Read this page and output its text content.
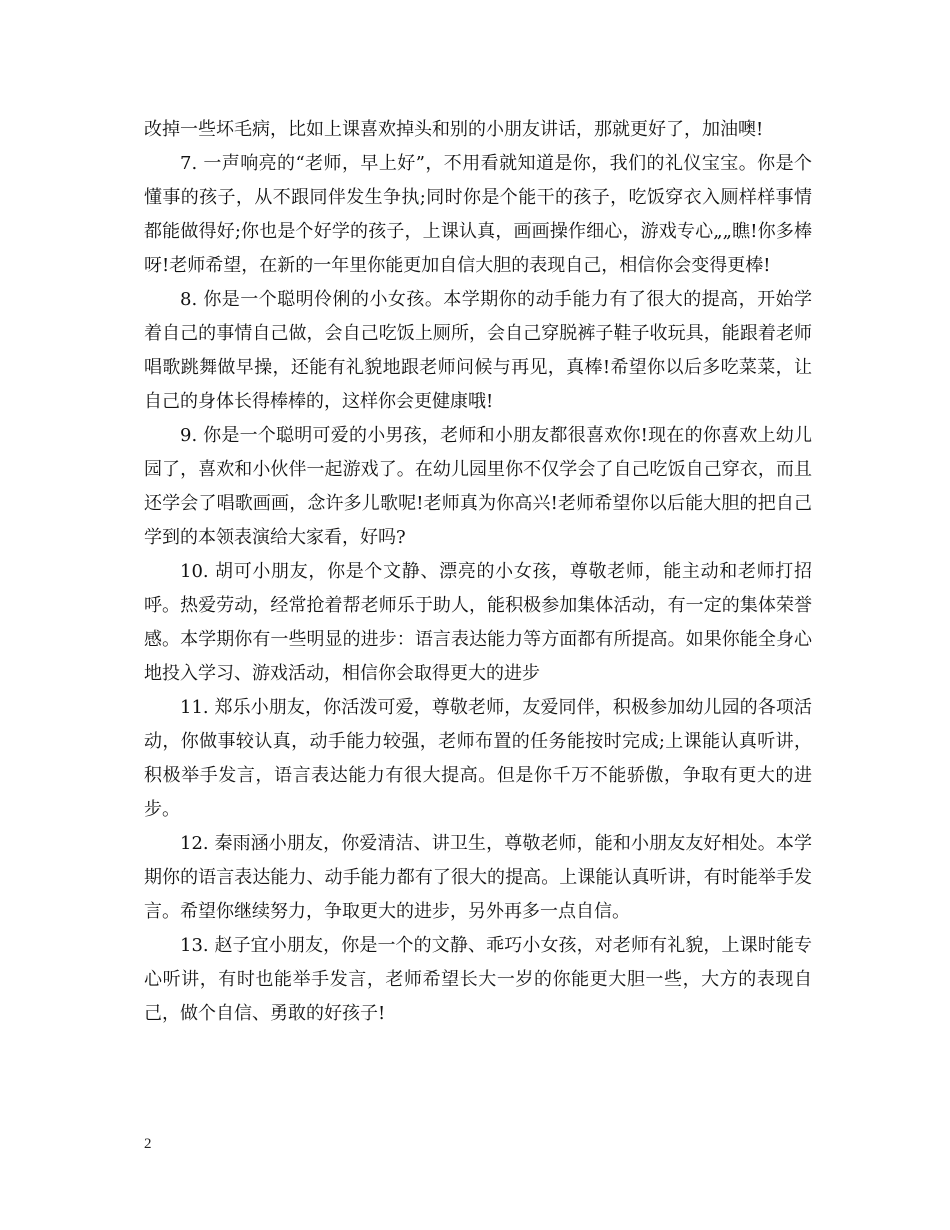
改掉一些坏毛病，比如上课喜欢掉头和别的小朋友讲话，那就更好了，加油噢!

7. 一声响亮的“老师，早上好”，不用看就知道是你，我们的礼仪宝宝。你是个懂事的孩子，从不跟同伴发生争执;同时你是个能干的孩子，吃饭穿衣入厕样样事情都能做得好;你也是个好学的孩子，上课认真，画画操作细心，游戏专心„„瞧!你多棒呀!老师希望，在新的一年里你能更加自信大胆的表现自己，相信你会变得更棒!

8. 你是一个聪明伶俐的小女孩。本学期你的动手能力有了很大的提高，开始学着自己的事情自己做，会自己吃饭上厕所，会自己穿脱裤子鞋子收玩具，能跟着老师唱歌跳舞做早操，还能有礼貌地跟老师问候与再见，真棒!希望你以后多吃菜菜，让自己的身体长得棒棒的，这样你会更健康哦!

9. 你是一个聪明可爱的小男孩，老师和小朋友都很喜欢你!现在的你喜欢上幼儿园了，喜欢和小伙伴一起游戏了。在幼儿园里你不仅学会了自己吃饭自己穿衣，而且还学会了唱歌画画，念许多儿歌呢!老师真为你高兴!老师希望你以后能大胆的把自己学到的本领表演给大家看，好吗?

10. 胡可小朋友，你是个文静、漂亮的小女孩，尊敬老师，能主动和老师打招呼。热爱劳动，经常抢着帮老师乐于助人，能积极参加集体活动，有一定的集体荣誉感。本学期你有一些明显的进步：语言表达能力等方面都有所提高。如果你能全身心地投入学习、游戏活动，相信你会取得更大的进步

11. 郑乐小朋友，你活泼可爱，尊敬老师，友爱同伴，积极参加幼儿园的各项活动，你做事较认真，动手能力较强，老师布置的任务能按时完成;上课能认真听讲，积极举手发言，语言表达能力有很大提高。但是你千万不能骄傲，争取有更大的进步。

12. 秦雨涵小朋友，你爱清洁、讲卫生，尊敬老师，能和小朋友友好相处。本学期你的语言表达能力、动手能力都有了很大的提高。上课能认真听讲，有时能举手发言。希望你继续努力，争取更大的进步，另外再多一点自信。

13. 赵子宜小朋友，你是一个的文静、乖巧小女孩，对老师有礼貌，上课时能专心听讲，有时也能举手发言，老师希望长大一岁的你能更大胆一些，大方的表现自己，做个自信、勇敢的好孩子!

2
